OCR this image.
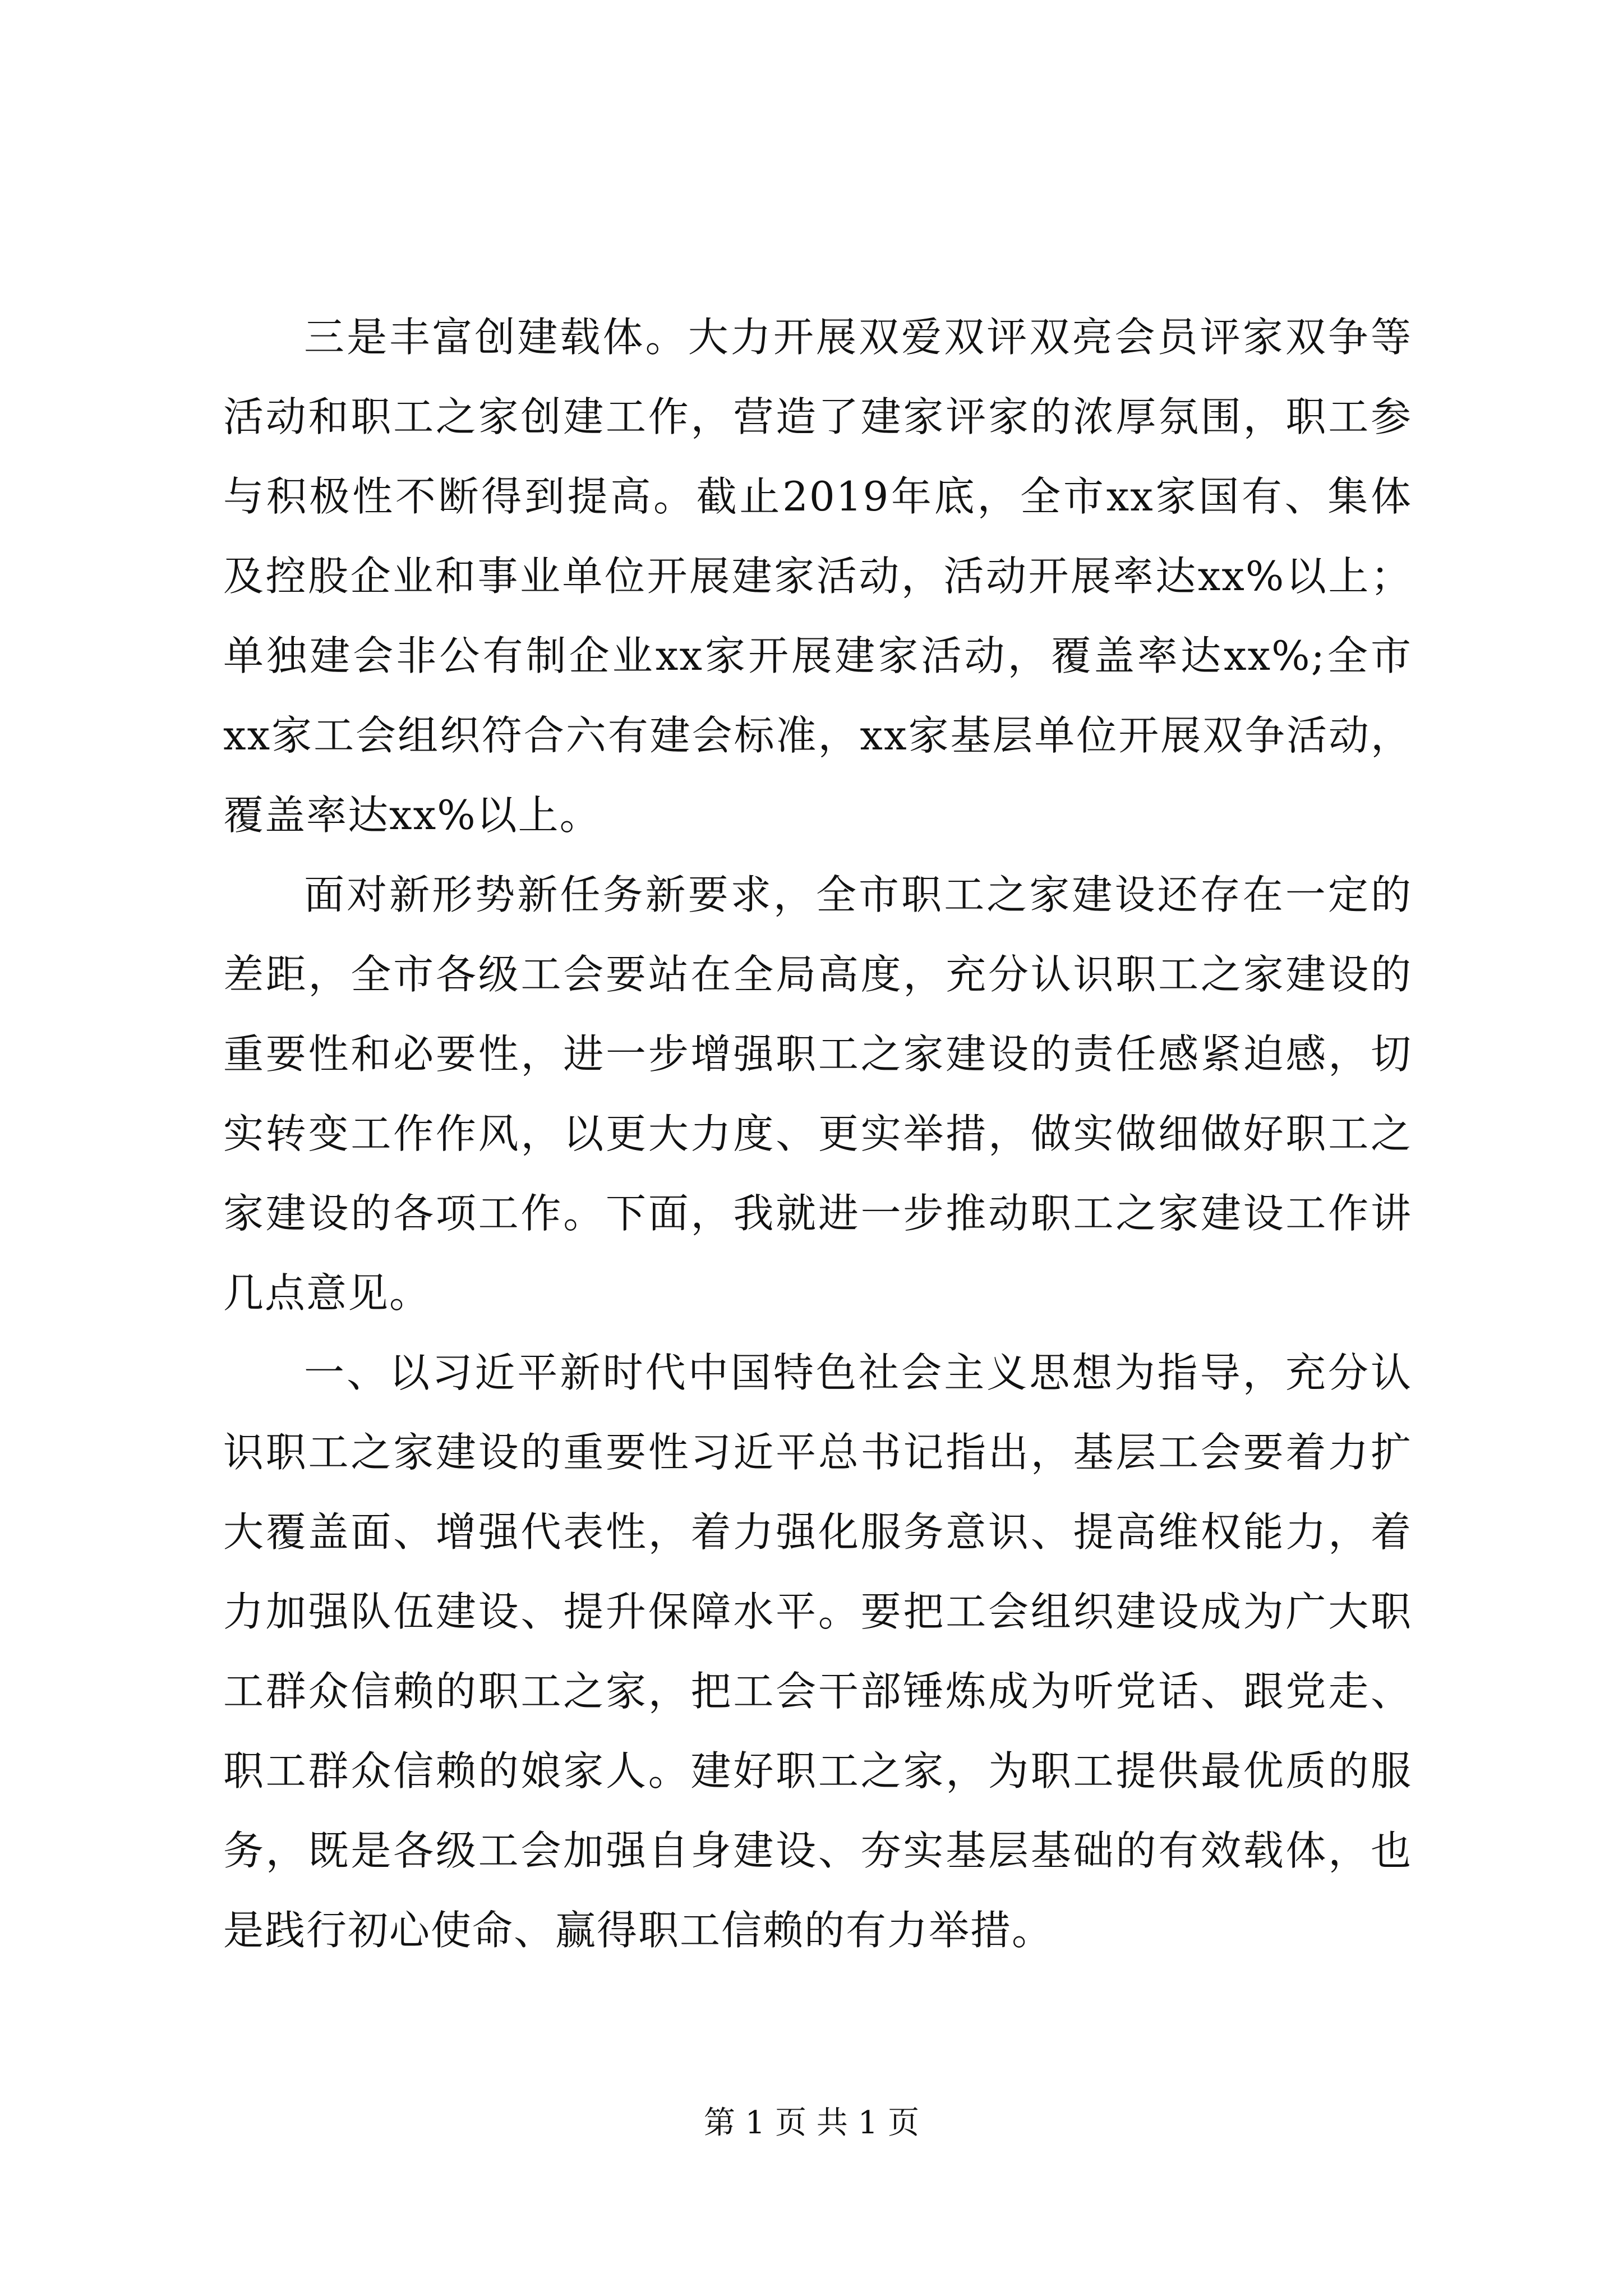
三是丰富创建载体。大力开展双爱双评双亮会员评家双争等活动和职工之家创建工作，营造了建家评家的浓厚氛围，职工参与积极性不断得到提高。截止2019年底，全市xx家国有、集体及控股企业和事业单位开展建家活动，活动开展率达xx%以上；单独建会非公有制企业xx家开展建家活动，覆盖率达xx%;全市xx家工会组织符合六有建会标准，xx家基层单位开展双争活动，覆盖率达xx%以上。

面对新形势新任务新要求，全市职工之家建设还存在一定的差距，全市各级工会要站在全局高度，充分认识职工之家建设的重要性和必要性，进一步增强职工之家建设的责任感紧迫感，切实转变工作作风，以更大力度、更实举措，做实做细做好职工之家建设的各项工作。下面，我就进一步推动职工之家建设工作讲几点意见。

一、以习近平新时代中国特色社会主义思想为指导，充分认识职工之家建设的重要性习近平总书记指出，基层工会要着力扩大覆盖面、增强代表性，着力强化服务意识、提高维权能力，着力加强队伍建设、提升保障水平。要把工会组织建设成为广大职工群众信赖的职工之家，把工会干部锤炼成为听党话、跟党走、职工群众信赖的娘家人。建好职工之家，为职工提供最优质的服务，既是各级工会加强自身建设、夯实基层基础的有效载体，也是践行初心使命、赢得职工信赖的有力举措。

第 1 页 共 1 页
